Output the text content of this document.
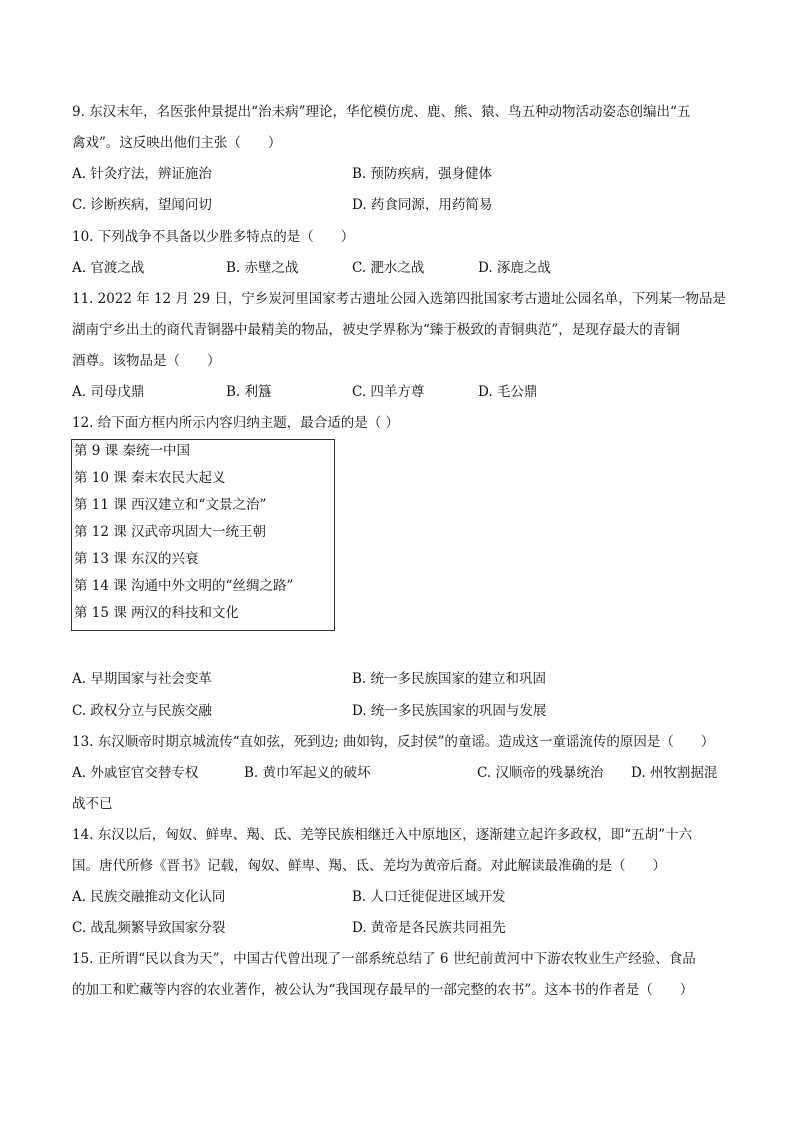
9. 东汉末年，名医张仲景提出“治未病”理论，华佗模仿虎、鹿、熊、猿、鸟五种动物活动姿态创编出“五
禽戏”。这反映出他们主张（　　）
A. 针灸疗法，辨证施治	B. 预防疾病，强身健体
C. 诊断疾病，望闻问切	D. 药食同源，用药简易
10. 下列战争不具备以少胜多特点的是（　　）
A. 官渡之战	B. 赤壁之战	C. 淝水之战	D. 涿鹿之战
11. 2022 年 12 月 29 日，宁乡炭河里国家考古遗址公园入选第四批国家考古遗址公园名单，下列某一物品是
湖南宁乡出土的商代青铜器中最精美的物品，被史学界称为“臻于极致的青铜典范”，是现存最大的青铜
酒尊。该物品是（　　）
A. 司母戊鼎	B. 利簋	C. 四羊方尊	D. 毛公鼎
12. 给下面方框内所示内容归纳主题，最合适的是（ ）
第 9 课 秦统一中国
第 10 课 秦末农民大起义
第 11 课 西汉建立和“文景之治”
第 12 课 汉武帝巩固大一统王朝
第 13 课 东汉的兴衰
第 14 课 沟通中外文明的“丝绸之路”
第 15 课 两汉的科技和文化
A. 早期国家与社会变革	B. 统一多民族国家的建立和巩固
C. 政权分立与民族交融	D. 统一多民族国家的巩固与发展
13. 东汉顺帝时期京城流传“直如弦，死到边; 曲如钩，反封侯”的童谣。造成这一童谣流传的原因是（　　）
A. 外戚宦官交替专权	B. 黄巾军起义的破坏	C. 汉顺帝的残暴统治 D. 州牧割据混
战不已
14. 东汉以后，匈奴、鲜卑、羯、氐、羌等民族相继迁入中原地区，逐渐建立起许多政权，即“五胡”十六
国。唐代所修《晋书》记载，匈奴、鲜卑、羯、氐、羌均为黄帝后裔。对此解读最准确的是（　　）
A. 民族交融推动文化认同	B. 人口迁徙促进区域开发
C. 战乱频繁导致国家分裂	D. 黄帝是各民族共同祖先
15. 正所谓“民以食为天”，中国古代曾出现了一部系统总结了 6 世纪前黄河中下游农牧业生产经验、食品
的加工和贮藏等内容的农业著作，被公认为“我国现存最早的一部完整的农书”。这本书的作者是（　　）
